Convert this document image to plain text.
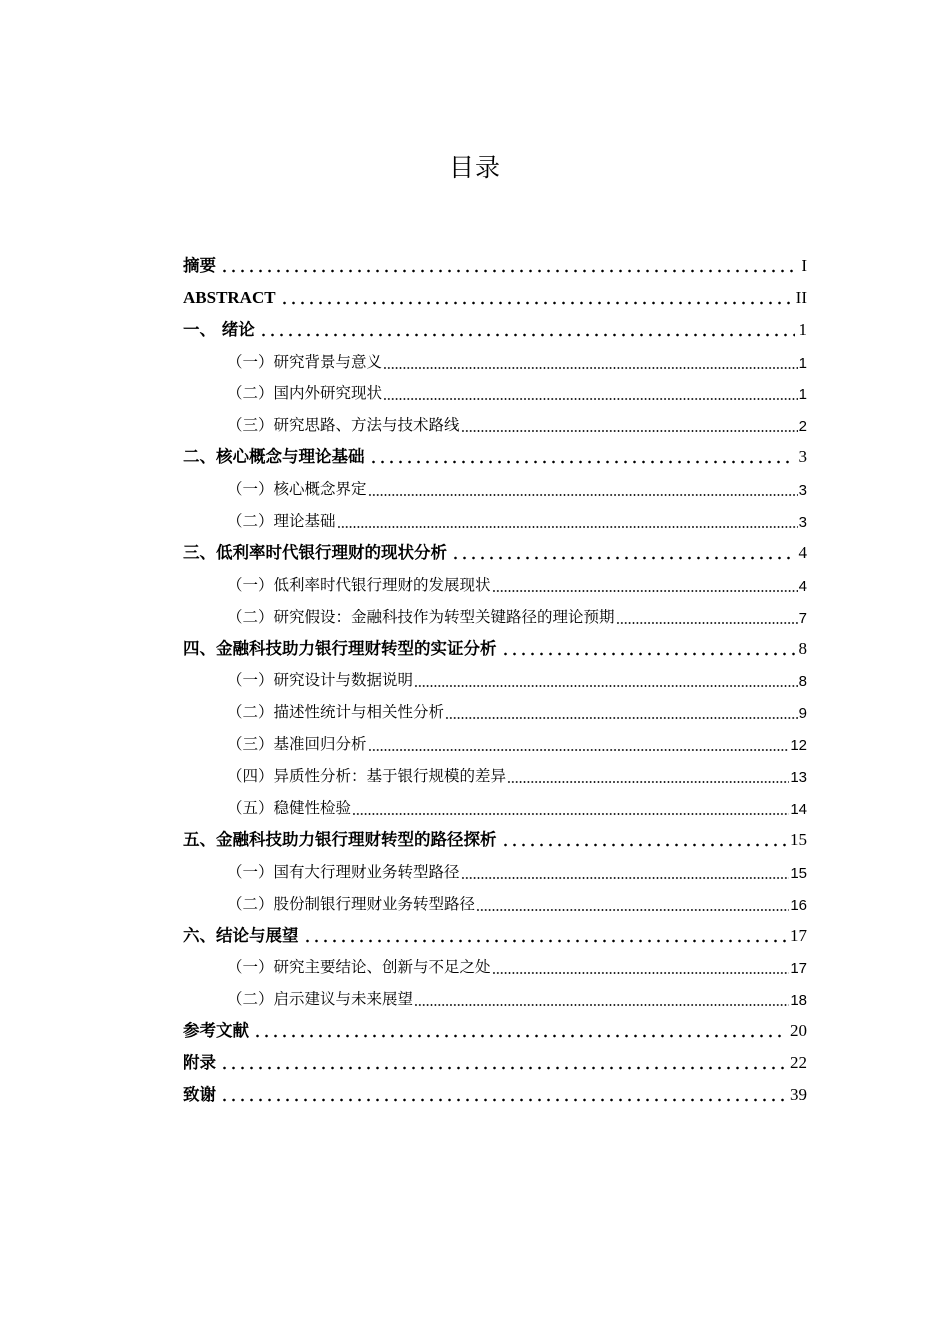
目录
摘要	I
ABSTRACT	II
一、 绪论	1
（一）研究背景与意义	1
（二）国内外研究现状	1
（三）研究思路、方法与技术路线	2
二、核心概念与理论基础	3
（一）核心概念界定	3
（二）理论基础	3
三、低利率时代银行理财的现状分析	4
（一）低利率时代银行理财的发展现状	4
（二）研究假设：金融科技作为转型关键路径的理论预期	7
四、金融科技助力银行理财转型的实证分析	8
（一）研究设计与数据说明	8
（二）描述性统计与相关性分析	9
（三）基准回归分析	12
（四）异质性分析：基于银行规模的差异	13
（五）稳健性检验	14
五、金融科技助力银行理财转型的路径探析	15
（一）国有大行理财业务转型路径	15
（二）股份制银行理财业务转型路径	16
六、结论与展望	17
（一）研究主要结论、创新与不足之处	17
（二）启示建议与未来展望	18
参考文献	20
附录	22
致谢	39
